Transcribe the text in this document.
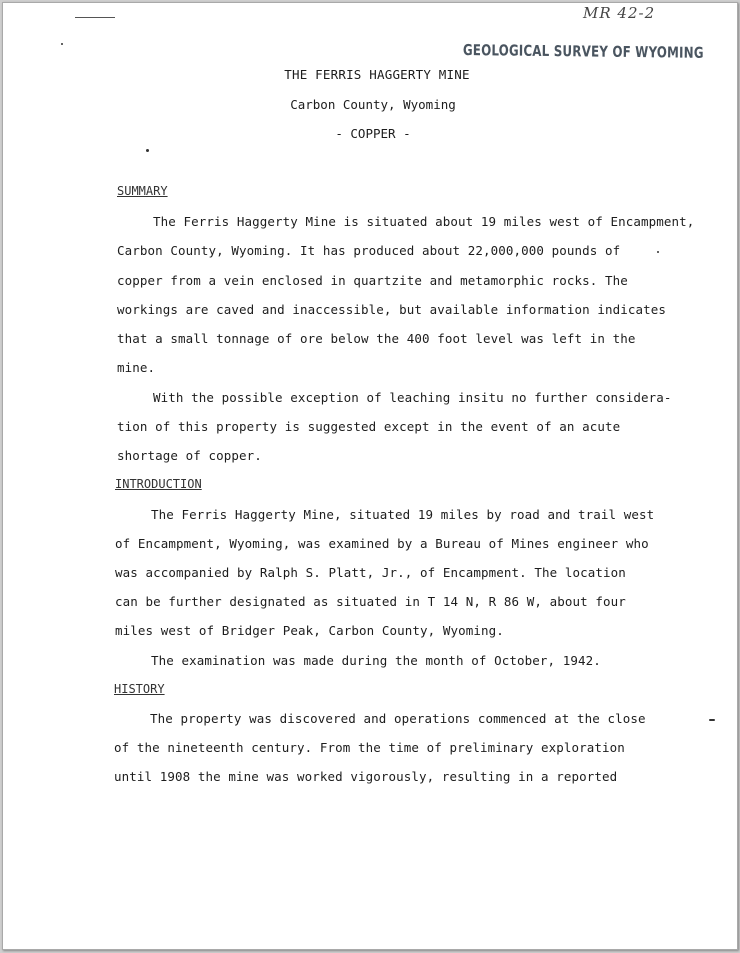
MR 42-2
GEOLOGICAL SURVEY OF WYOMING
THE FERRIS HAGGERTY MINE
Carbon County, Wyoming
- COPPER -
SUMMARY
The Ferris Haggerty Mine is situated about 19 miles west of Encampment,
Carbon County, Wyoming. It has produced about 22,000,000 pounds of
copper from a vein enclosed in quartzite and metamorphic rocks. The
workings are caved and inaccessible, but available information indicates
that a small tonnage of ore below the 400 foot level was left in the
mine.
With the possible exception of leaching insitu no further considera-
tion of this property is suggested except in the event of an acute
shortage of copper.
INTRODUCTION
The Ferris Haggerty Mine, situated 19 miles by road and trail west
of Encampment, Wyoming, was examined by a Bureau of Mines engineer who
was accompanied by Ralph S. Platt, Jr., of Encampment. The location
can be further designated as situated in T 14 N, R 86 W, about four
miles west of Bridger Peak, Carbon County, Wyoming.
The examination was made during the month of October, 1942.
HISTORY
The property was discovered and operations commenced at the close
of the nineteenth century. From the time of preliminary exploration
until 1908 the mine was worked vigorously, resulting in a reported
